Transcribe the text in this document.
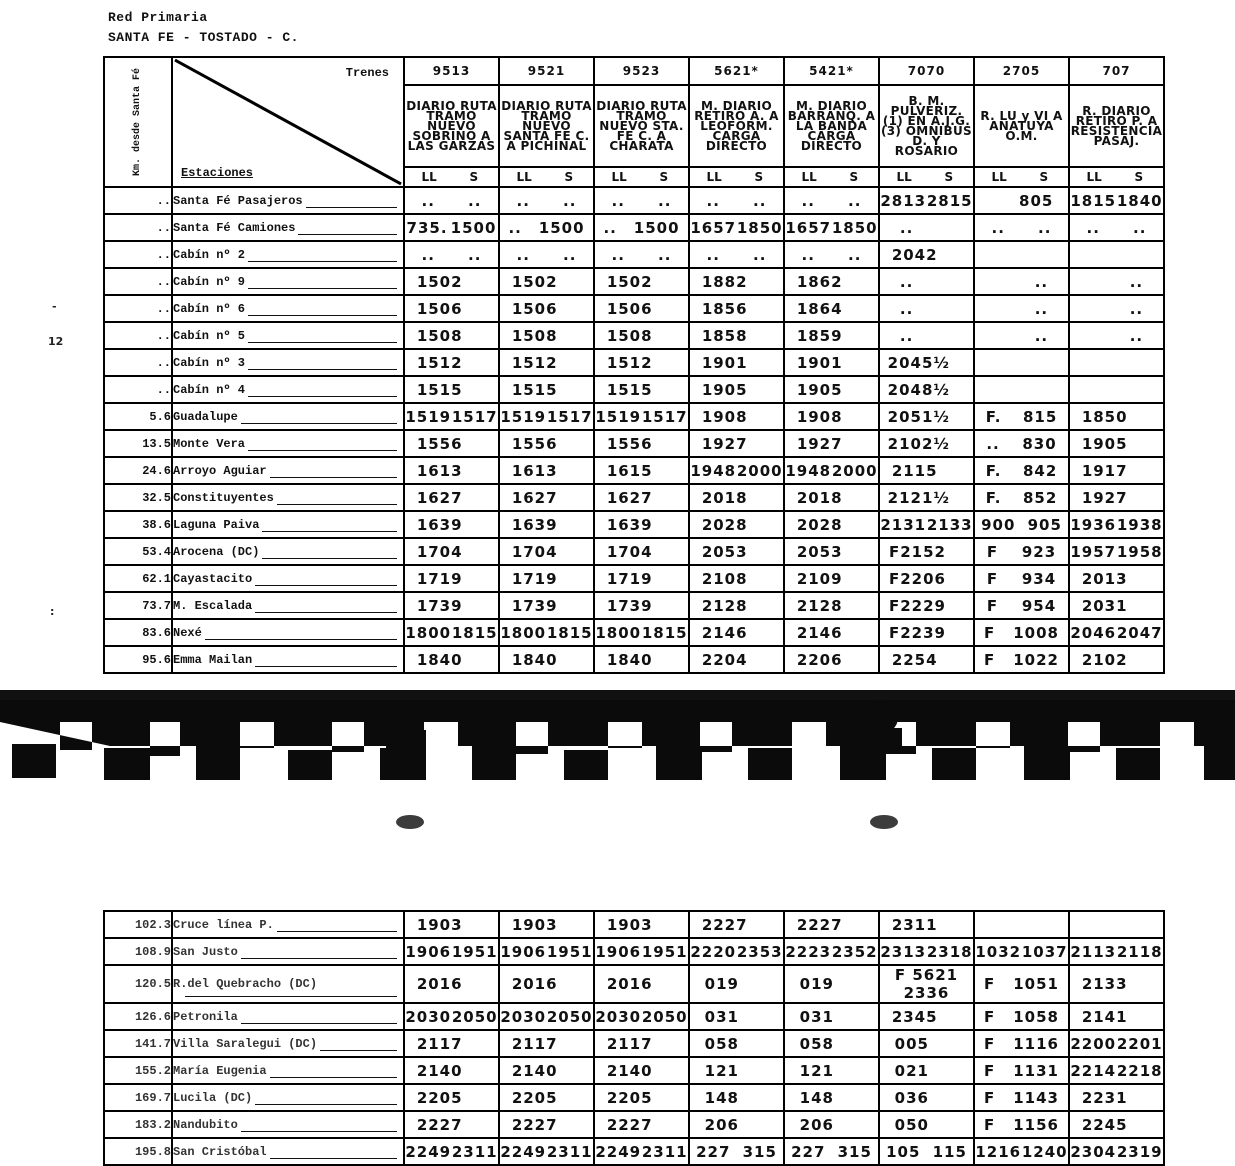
Red Primaria
SANTA FE - TOSTADO - C.
-
12
:
Km. desde Santa Fé	Trenes
Estaciones	9513	9521	9523	5621*	5421*	7070	2705	707
		DIARIO RUTA TRAMO NUEVO SOBRINO A LAS GARZAS	DIARIO RUTA TRAMO NUEVO SANTA FE C. A PICHINAL	DIARIO RUTA TRAMO NUEVO STA. FE C. A CHARATA	M. DIARIO RETIRO A. A LEOFORM. CARGA DIRECTO	M. DIARIO BARRANQ. A LA BANDA CARGA DIRECTO	B. M. PULVERIZ. (1) EN A.J.G. (3) OMNIBUS D. Y ROSARIO	R. LU y VI A AÑATUYA O.M.	R. DIARIO RETIRO P. A RESISTENCIA PASAJ.
		LL S	LL S	LL S	LL S	LL S	LL S	LL S	LL S
..	Santa Fé Pasajeros	.. ..	.. ..	.. ..	.. ..	.. ..	2813 2815	805	1815 1840

..	Santa Fé Camiones	735. 1500	.. 1500	.. 1500	1657 1850	1657 1850	..	.. ..	.. ..

..	Cabín nº 2	.. ..	.. ..	.. ..	.. ..	.. ..	2042		

..	Cabín nº 9	1502	1502	1502	1882	1862	..	..	..

..	Cabín nº 6	1506	1506	1506	1856	1864	..	..	..

..	Cabín nº 5	1508	1508	1508	1858	1859	..	..	..

..	Cabín nº 3	1512	1512	1512	1901	1901	2045½		

..	Cabín nº 4	1515	1515	1515	1905	1905	2048½		

5.6	Guadalupe	1519 1517	1519 1517	1519 1517	1908	1908	2051½	F. 815	1850

13.5	Monte Vera	1556	1556	1556	1927	1927	2102½	.. 830	1905

24.6	Arroyo Aguiar	1613	1613	1615	1948 2000	1948 2000	2115	F. 842	1917

32.5	Constituyentes	1627	1627	1627	2018	2018	2121½	F. 852	1927

38.6	Laguna Paiva	1639	1639	1639	2028	2028	2131 2133	900 905	1936 1938

53.4	Arocena (DC)	1704	1704	1704	2053	2053	F2152	F 923	1957 1958

62.1	Cayastacito	1719	1719	1719	2108	2109	F2206	F 934	2013

73.7	M. Escalada	1739	1739	1739	2128	2128	F2229	F 954	2031

83.6	Nexé	1800 1815	1800 1815	1800 1815	2146	2146	F2239	F 1008	2046 2047

95.6	Emma Mailan	1840	1840	1840	2204	2206	2254	F 1022	2102
102.3	Cruce línea P.	1903	1903	1903	2227	2227	2311		

108.9	San Justo	1906 1951	1906 1951	1906 1951	2220 2353	2223 2352	2313 2318	1032 1037	2113 2118

120.5	R.del Quebracho (DC)	2016	2016	2016	019	019	F 5621 2336	F 1051	2133

126.6	Petronila	2030 2050	2030 2050	2030 2050	031	031	2345	F 1058	2141

141.7	Villa Saralegui (DC)	2117	2117	2117	058	058	005	F 1116	2200 2201

155.2	María Eugenia	2140	2140	2140	121	121	021	F 1131	2214 2218

169.7	Lucila (DC)	2205	2205	2205	148	148	036	F 1143	2231

183.2	Nandubito	2227	2227	2227	206	206	050	F 1156	2245

195.8	San Cristóbal	2249 2311	2249 2311	2249 2311	227 315	227 315	105 115	1216 1240	2304 2319
